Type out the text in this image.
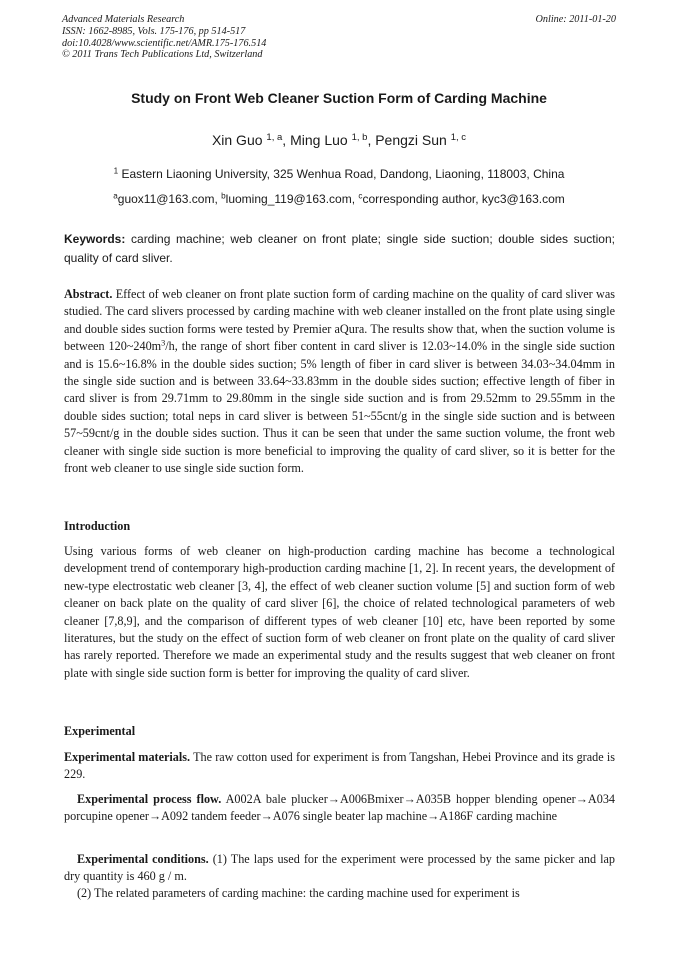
Advanced Materials Research
ISSN: 1662-8985, Vols. 175-176, pp 514-517
doi:10.4028/www.scientific.net/AMR.175-176.514
© 2011 Trans Tech Publications Ltd, Switzerland
Online: 2011-01-20
Study on Front Web Cleaner Suction Form of Carding Machine
Xin Guo $^{1, a}$, Ming Luo $^{1, b}$, Pengzi Sun $^{1, c}$
$^1$ Eastern Liaoning University, 325 Wenhua Road, Dandong, Liaoning, 118003, China
$^a$guox11@163.com, $^b$luoming_119@163.com, $^c$corresponding author, kyc3@163.com
Keywords: carding machine; web cleaner on front plate; single side suction; double sides suction; quality of card sliver.

Abstract. Effect of web cleaner on front plate suction form of carding machine on the quality of card sliver was studied. The card slivers processed by carding machine with web cleaner installed on the front plate using single and double sides suction forms were tested by Premier aQura. The results show that, when the suction volume is between $120\sim 240m^3/h$, the range of short fiber content in card sliver is 12.03~14.0% in the single side suction and is 15.6~16.8% in the double sides suction; 5% length of fiber in card sliver is between 34.03~34.04mm in the single side suction and is between 33.64~33.83mm in the double sides suction; effective length of fiber in card sliver is from 29.71mm to 29.80mm in the single side suction and is from 29.52mm to 29.55mm in the double sides suction; total neps in card sliver is between 51~55cnt/g in the single side suction and is between 57~59cnt/g in the double sides suction. Thus it can be seen that under the same suction volume, the front web cleaner with single side suction is more beneficial to improving the quality of card sliver, so it is better for the front web cleaner to use single side suction form.

Introduction

Using various forms of web cleaner on high-production carding machine has become a technological development trend of contemporary high-production carding machine [1, 2]. In recent years, the development of new-type electrostatic web cleaner [3, 4], the effect of web cleaner suction volume [5] and suction form of web cleaner on back plate on the quality of card sliver [6], the choice of related technological parameters of web cleaner [7,8,9], and the comparison of different types of web cleaner [10] etc, have been reported by some literatures, but the study on the effect of suction form of web cleaner on front plate on the quality of card sliver has rarely reported. Therefore we made an experimental study and the results suggest that web cleaner on front plate with single side suction form is better for improving the quality of card sliver.

Experimental

Experimental materials. The raw cotton used for experiment is from Tangshan, Hebei Province and its grade is 229.

Experimental process flow. A002A bale plucker→A006Bmixer→A035B hopper blending opener→A034 porcupine opener→A092 tandem feeder→A076 single beater lap machine→A186F carding machine

Experimental conditions. (1) The laps used for the experiment were processed by the same picker and lap dry quantity is 460 g / m.

(2) The related parameters of carding machine: the carding machine used for experiment is
